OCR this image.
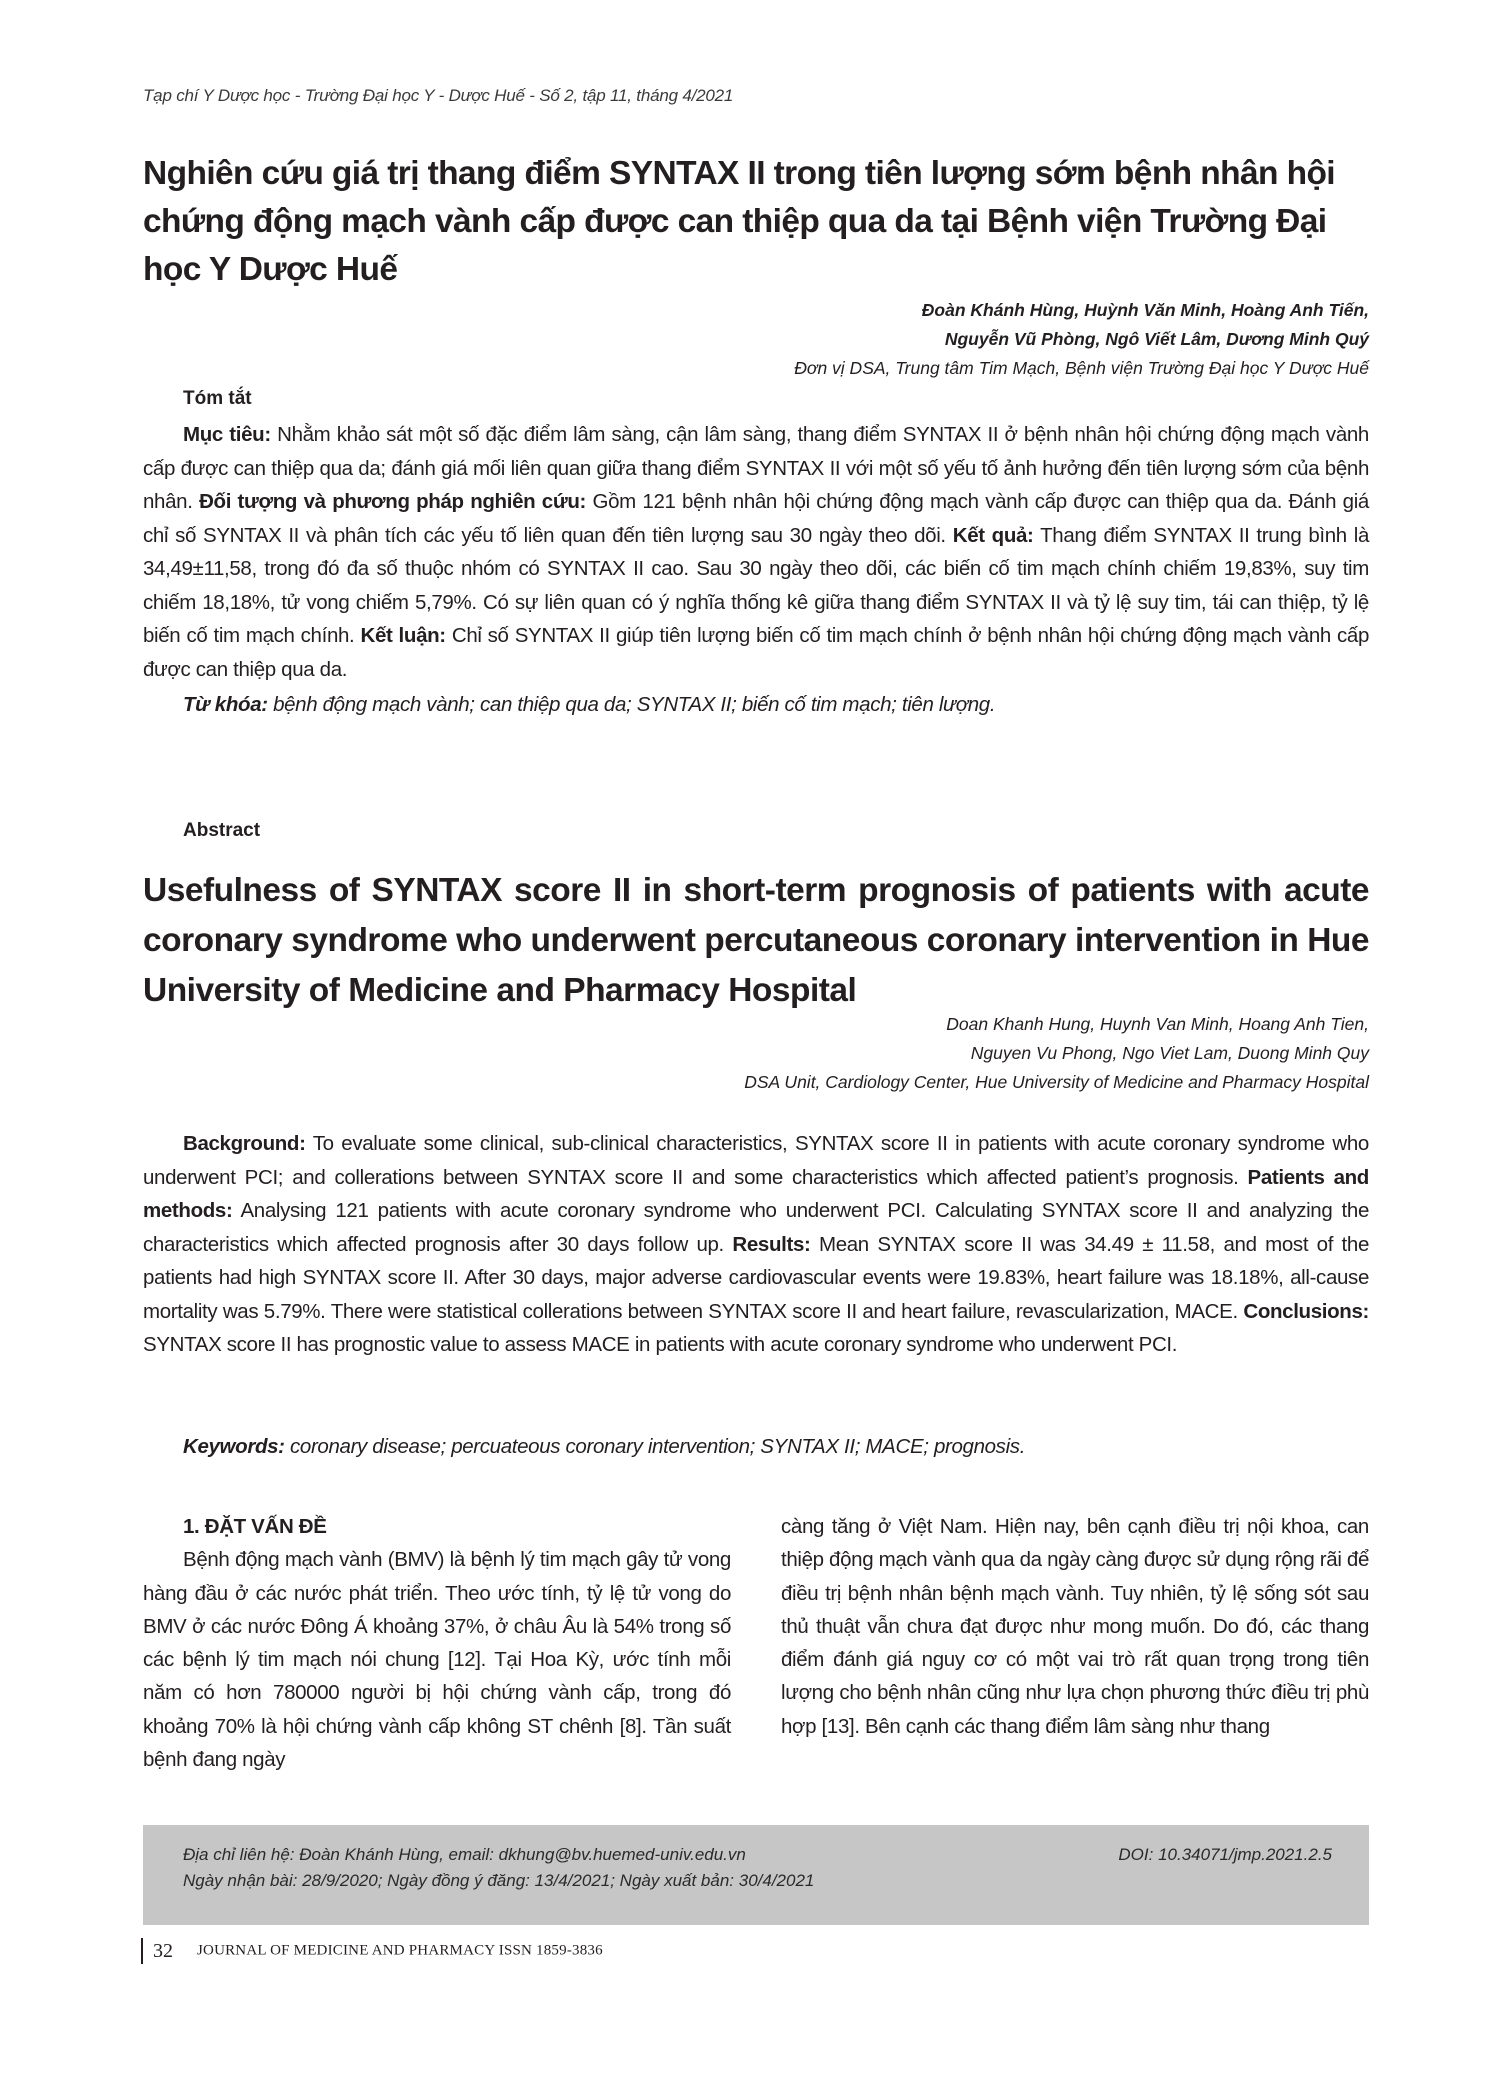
Tạp chí Y Dược học - Trường Đại học Y - Dược Huế - Số 2, tập 11, tháng 4/2021
Nghiên cứu giá trị thang điểm SYNTAX II trong tiên lượng sớm bệnh nhân hội chứng động mạch vành cấp được can thiệp qua da tại Bệnh viện Trường Đại học Y Dược Huế
Đoàn Khánh Hùng, Huỳnh Văn Minh, Hoàng Anh Tiến,
Nguyễn Vũ Phòng, Ngô Viết Lâm, Dương Minh Quý
Đơn vị DSA, Trung tâm Tim Mạch, Bệnh viện Trường Đại học Y Dược Huế
Tóm tắt

Mục tiêu: Nhằm khảo sát một số đặc điểm lâm sàng, cận lâm sàng, thang điểm SYNTAX II ở bệnh nhân hội chứng động mạch vành cấp được can thiệp qua da; đánh giá mối liên quan giữa thang điểm SYNTAX II với một số yếu tố ảnh hưởng đến tiên lượng sớm của bệnh nhân. Đối tượng và phương pháp nghiên cứu: Gồm 121 bệnh nhân hội chứng động mạch vành cấp được can thiệp qua da. Đánh giá chỉ số SYNTAX II và phân tích các yếu tố liên quan đến tiên lượng sau 30 ngày theo dõi. Kết quả: Thang điểm SYNTAX II trung bình là 34,49±11,58, trong đó đa số thuộc nhóm có SYNTAX II cao. Sau 30 ngày theo dõi, các biến cố tim mạch chính chiếm 19,83%, suy tim chiếm 18,18%, tử vong chiếm 5,79%. Có sự liên quan có ý nghĩa thống kê giữa thang điểm SYNTAX II và tỷ lệ suy tim, tái can thiệp, tỷ lệ biến cố tim mạch chính. Kết luận: Chỉ số SYNTAX II giúp tiên lượng biến cố tim mạch chính ở bệnh nhân hội chứng động mạch vành cấp được can thiệp qua da.

Từ khóa: bệnh động mạch vành; can thiệp qua da; SYNTAX II; biến cố tim mạch; tiên lượng.

Abstract
Usefulness of SYNTAX score II in short-term prognosis of patients with acute coronary syndrome who underwent percutaneous coronary intervention in Hue University of Medicine and Pharmacy Hospital
Doan Khanh Hung, Huynh Van Minh, Hoang Anh Tien,
Nguyen Vu Phong, Ngo Viet Lam, Duong Minh Quy
DSA Unit, Cardiology Center, Hue University of Medicine and Pharmacy Hospital

Background: To evaluate some clinical, sub-clinical characteristics, SYNTAX score II in patients with acute coronary syndrome who underwent PCI; and collerations between SYNTAX score II and some characteristics which affected patient’s prognosis. Patients and methods: Analysing 121 patients with acute coronary syndrome who underwent PCI. Calculating SYNTAX score II and analyzing the characteristics which affected prognosis after 30 days follow up. Results: Mean SYNTAX score II was 34.49 ± 11.58, and most of the patients had high SYNTAX score II. After 30 days, major adverse cardiovascular events were 19.83%, heart failure was 18.18%, all-cause mortality was 5.79%. There were statistical collerations between SYNTAX score II and heart failure, revascularization, MACE. Conclusions: SYNTAX score II has prognostic value to assess MACE in patients with acute coronary syndrome who underwent PCI.

Keywords: coronary disease; percuateous coronary intervention; SYNTAX II; MACE; prognosis.

1. ĐẶT VẤN ĐỀ
Bệnh động mạch vành (BMV) là bệnh lý tim mạch gây tử vong hàng đầu ở các nước phát triển. Theo ước tính, tỷ lệ tử vong do BMV ở các nước Đông Á khoảng 37%, ở châu Âu là 54% trong số các bệnh lý tim mạch nói chung [12]. Tại Hoa Kỳ, ước tính mỗi năm có hơn 780000 người bị hội chứng vành cấp, trong đó khoảng 70% là hội chứng vành cấp không ST chênh [8]. Tần suất bệnh đang ngày
càng tăng ở Việt Nam. Hiện nay, bên cạnh điều trị nội khoa, can thiệp động mạch vành qua da ngày càng được sử dụng rộng rãi để điều trị bệnh nhân bệnh mạch vành. Tuy nhiên, tỷ lệ sống sót sau thủ thuật vẫn chưa đạt được như mong muốn. Do đó, các thang điểm đánh giá nguy cơ có một vai trò rất quan trọng trong tiên lượng cho bệnh nhân cũng như lựa chọn phương thức điều trị phù hợp [13]. Bên cạnh các thang điểm lâm sàng như thang
Địa chỉ liên hệ: Đoàn Khánh Hùng, email: dkhung@bv.huemed-univ.edu.vn
Ngày nhận bài: 28/9/2020; Ngày đồng ý đăng: 13/4/2021; Ngày xuất bản: 30/4/2021
DOI: 10.34071/jmp.2021.2.5
32 JOURNAL OF MEDICINE AND PHARMACY ISSN 1859-3836
